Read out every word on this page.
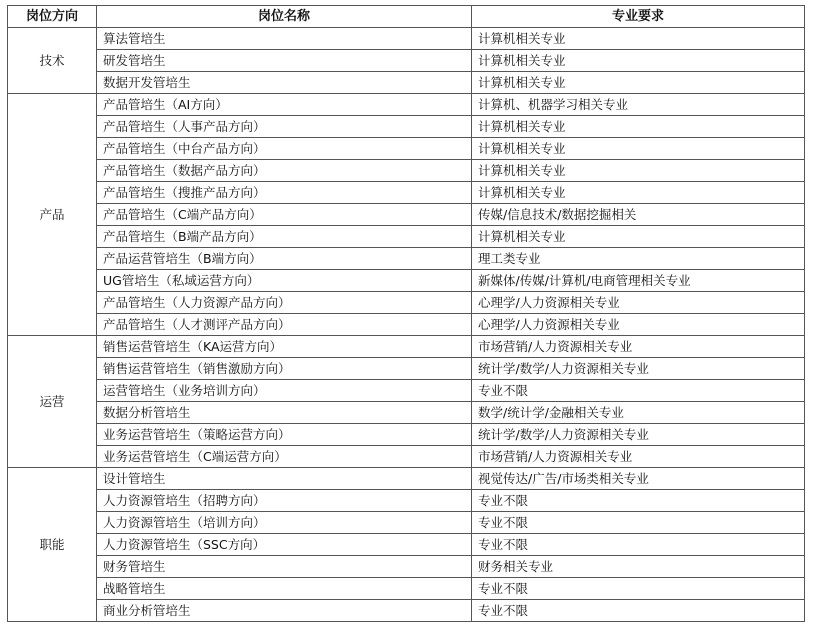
岗位方向	岗位名称	专业要求
技术	算法管培生	计算机相关专业
	研发管培生	计算机相关专业
	数据开发管培生	计算机相关专业
产品	产品管培生（AI方向）	计算机、机器学习相关专业
	产品管培生（人事产品方向）	计算机相关专业
	产品管培生（中台产品方向）	计算机相关专业
	产品管培生（数据产品方向）	计算机相关专业
	产品管培生（搜推产品方向）	计算机相关专业
	产品管培生（C端产品方向）	传媒/信息技术/数据挖掘相关
	产品管培生（B端产品方向）	计算机相关专业
	产品运营管培生（B端方向）	理工类专业
	UG管培生（私域运营方向）	新媒体/传媒/计算机/电商管理相关专业
	产品管培生（人力资源产品方向）	心理学/人力资源相关专业
	产品管培生（人才测评产品方向）	心理学/人力资源相关专业
运营	销售运营管培生（KA运营方向）	市场营销/人力资源相关专业
	销售运营管培生（销售激励方向）	统计学/数学/人力资源相关专业
	运营管培生（业务培训方向）	专业不限
	数据分析管培生	数学/统计学/金融相关专业
	业务运营管培生（策略运营方向）	统计学/数学/人力资源相关专业
	业务运营管培生（C端运营方向）	市场营销/人力资源相关专业
职能	设计管培生	视觉传达/广告/市场类相关专业
	人力资源管培生（招聘方向）	专业不限
	人力资源管培生（培训方向）	专业不限
	人力资源管培生（SSC方向）	专业不限
	财务管培生	财务相关专业
	战略管培生	专业不限
	商业分析管培生	专业不限
